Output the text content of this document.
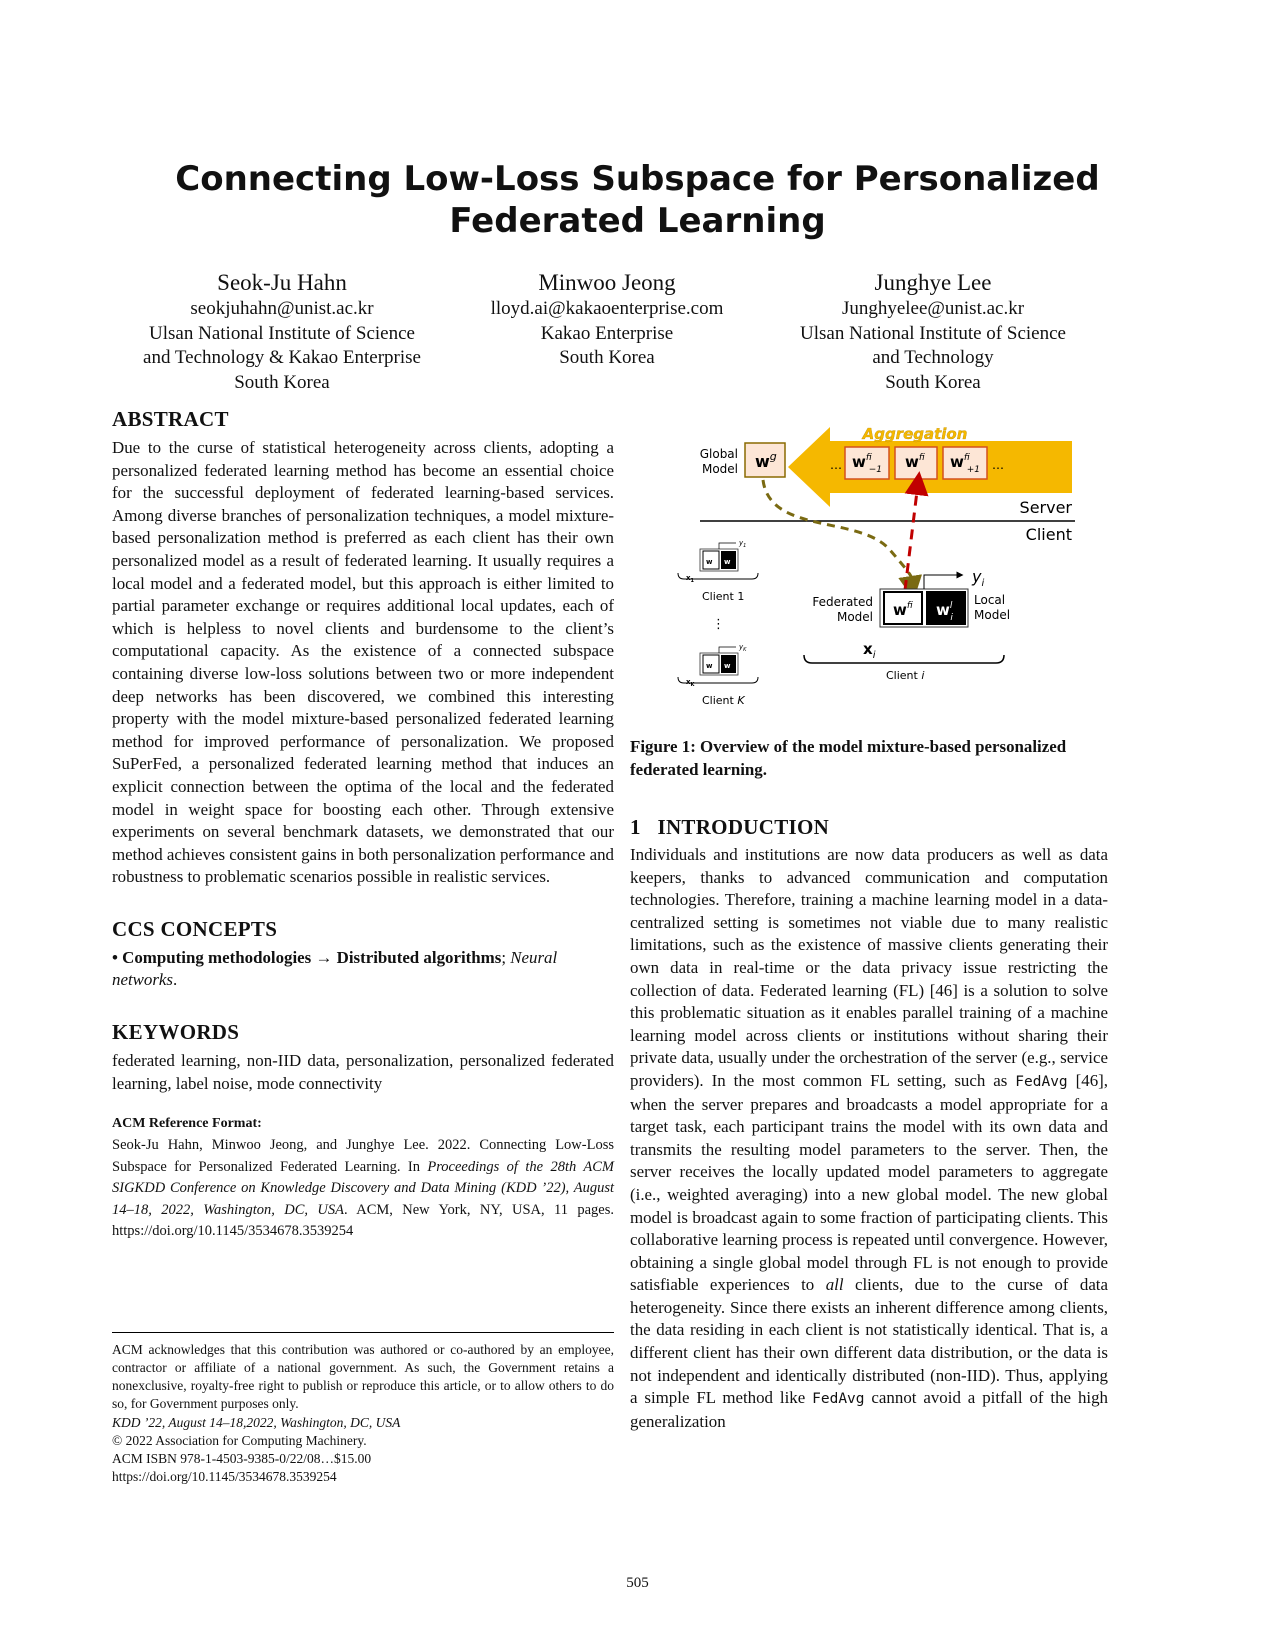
Connecting Low-Loss Subspace for Personalized Federated Learning
Seok-Ju Hahn
seokjuhahn@unist.ac.kr
Ulsan National Institute of Science
and Technology & Kakao Enterprise
South Korea
Minwoo Jeong
lloyd.ai@kakaoenterprise.com
Kakao Enterprise
South Korea
Junghye Lee
Junghyelee@unist.ac.kr
Ulsan National Institute of Science
and Technology
South Korea
ABSTRACT

Due to the curse of statistical heterogeneity across clients, adopting a personalized federated learning method has become an essential choice for the successful deployment of federated learning-based services. Among diverse branches of personalization techniques, a model mixture-based personalization method is preferred as each client has their own personalized model as a result of federated learning. It usually requires a local model and a federated model, but this approach is either limited to partial parameter exchange or requires additional local updates, each of which is helpless to novel clients and burdensome to the client’s computational capacity. As the existence of a connected subspace containing diverse low-loss solutions between two or more independent deep networks has been discovered, we combined this interesting property with the model mixture-based personalized federated learning method for improved performance of personalization. We proposed SuPerFed, a personalized federated learning method that induces an explicit connection between the optima of the local and the federated model in weight space for boosting each other. Through extensive experiments on several benchmark datasets, we demonstrated that our method achieves consistent gains in both personalization performance and robustness to problematic scenarios possible in realistic services.

CCS CONCEPTS

• Computing methodologies → Distributed algorithms; Neural networks.

KEYWORDS

federated learning, non-IID data, personalization, personalized federated learning, label noise, mode connectivity

ACM Reference Format:

Seok-Ju Hahn, Minwoo Jeong, and Junghye Lee. 2022. Connecting Low-Loss Subspace for Personalized Federated Learning. In Proceedings of the 28th ACM SIGKDD Conference on Knowledge Discovery and Data Mining (KDD ’22), August 14–18, 2022, Washington, DC, USA. ACM, New York, NY, USA, 11 pages. https://doi.org/10.1145/3534678.3539254

ACM acknowledges that this contribution was authored or co-authored by an employee, contractor or affiliate of a national government. As such, the Government retains a nonexclusive, royalty-free right to publish or reproduce this article, or to allow others to do so, for Government purposes only.
KDD ’22, August 14–18,2022, Washington, DC, USA
© 2022 Association for Computing Machinery.
ACM ISBN 978-1-4503-9385-0/22/08…$15.00
https://doi.org/10.1145/3534678.3539254
Aggregation
Global
Model $w^g$
… $w^f$ i−1 $w^f$ $w^f$ i+1 …
Server
Client
$w^f$ $w^l$ i
$y_i$
Federated
Model
Local
Model
$x_i$
Client i
w w
$y_1$
$x_1$
Client 1
⋮
w w
$y_K$
$x_K$
Client K
Figure 1: Overview of the model mixture-based personalized federated learning.
1 INTRODUCTION

Individuals and institutions are now data producers as well as data keepers, thanks to advanced communication and computation technologies. Therefore, training a machine learning model in a data-centralized setting is sometimes not viable due to many realistic limitations, such as the existence of massive clients generating their own data in real-time or the data privacy issue restricting the collection of data. Federated learning (FL) [46] is a solution to solve this problematic situation as it enables parallel training of a machine learning model across clients or institutions without sharing their private data, usually under the orchestration of the server (e.g., service providers). In the most common FL setting, such as FedAvg [46], when the server prepares and broadcasts a model appropriate for a target task, each participant trains the model with its own data and transmits the resulting model parameters to the server. Then, the server receives the locally updated model parameters to aggregate (i.e., weighted averaging) into a new global model. The new global model is broadcast again to some fraction of participating clients. This collaborative learning process is repeated until convergence. However, obtaining a single global model through FL is not enough to provide satisfiable experiences to all clients, due to the curse of data heterogeneity. Since there exists an inherent difference among clients, the data residing in each client is not statistically identical. That is, a different client has their own different data distribution, or the data is not independent and identically distributed (non-IID). Thus, applying a simple FL method like FedAvg cannot avoid a pitfall of the high generalization

505
